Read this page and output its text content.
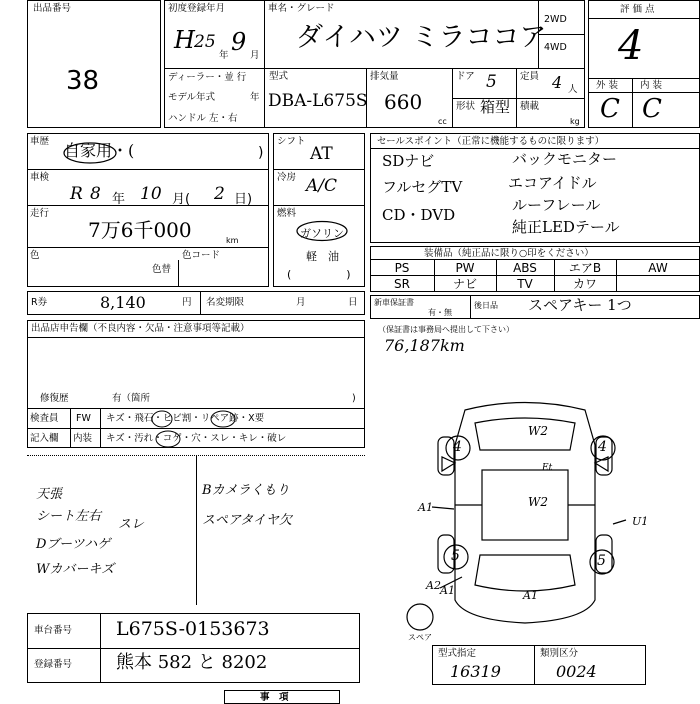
出品番号
38
初度登録年月
H 25
年 9 月
車名・グレード
ダイハツ ミラココア
2WD
4WD
ディーラー・並 行
モデル年式	年
ハンドル 左・右
型式
DBA-L675S
排気量
660
cc
ドア 5 定員 4 人
形状 箱型 積載
kg
評 価 点
4
外 装 内 装
C C
車歴 自家用・(	)
車検
R 8 年 10 月( 2 日)
走行
7万6千000	km
色
色替
色コード
シフト
AT
冷房 A/C
燃料
ガソリン
軽　油
(　　　　　)
セールスポイント（正常に機能するものに限ります）
SDナビ	バックモニター
フルセグTV	エコアイドル
CD・DVD
ルーフレール
純正LEDテール
装備品（純正品に限り○印をください）
PS	PW	ABS	エアB	AW
SR	ナビ	TV	カワ
R券	8,140	円 名変期限	月	日 新車保証書
有・無
後日品 スペアキー 1つ
（保証書は事務局へ提出して下さい）
76,187km
出品店申告欄（不良内容・欠品・注意事項等記載）
修復歴	有（箇所	)
検査員
記入欄
FW キズ・飛石・ヒビ割・リペア跡・X要
内装 キズ・汚れ・コゲ・穴・スレ・キレ・破レ
天張
シート左右
スレ
Dブーツハゲ
Wカバーキズ
Bカメラくもり
スペアタイヤ欠
W2
W2
4	4
5	5
A1
A1	A1
A2
U1
Et
スペア
車台番号 L675S-0153673
登録番号 熊本 582 と 8202	型式指定
16319
類別区分
0024
事　項
